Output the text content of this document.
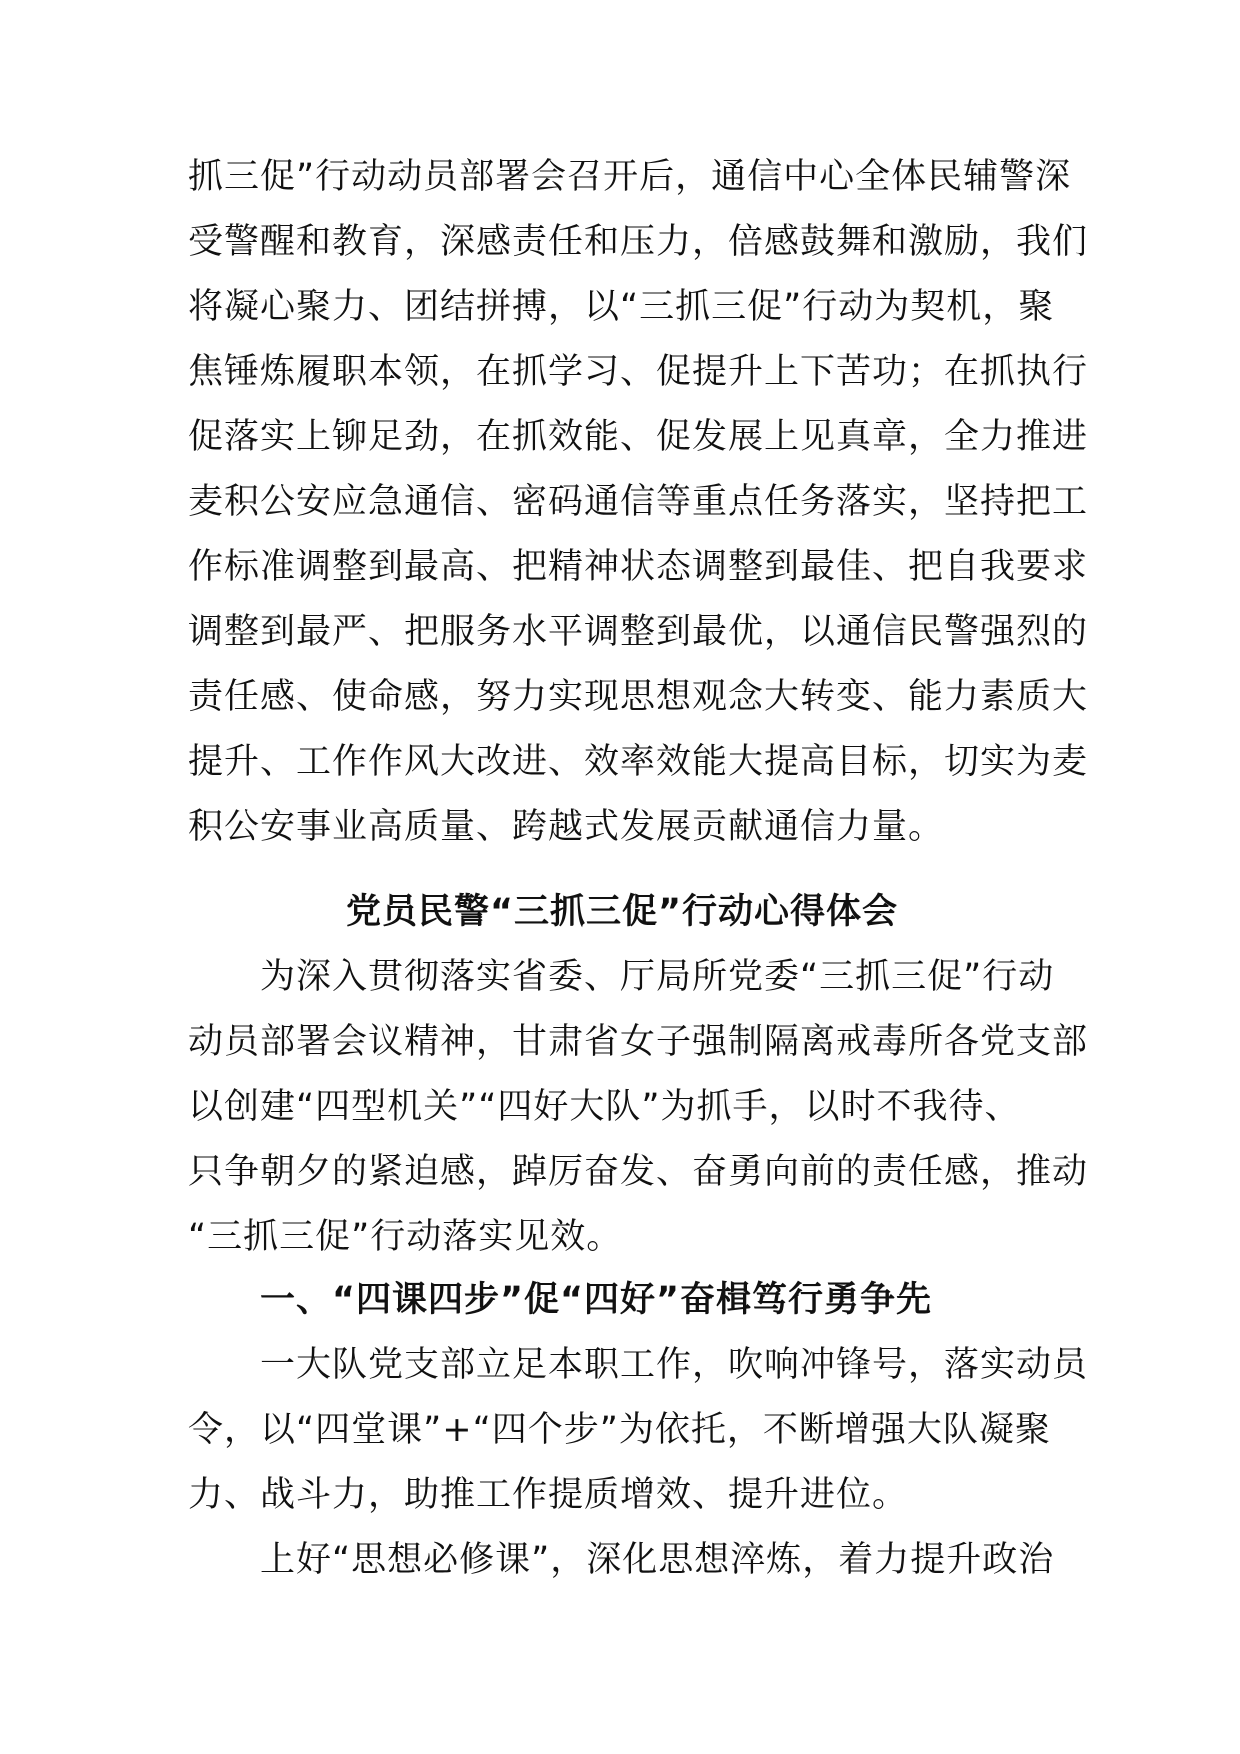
抓三促”行动动员部署会召开后，通信中心全体民辅警深
受警醒和教育，深感责任和压力，倍感鼓舞和激励，我们
将凝心聚力、团结拼搏，以“三抓三促”行动为契机，聚
焦锤炼履职本领，在抓学习、促提升上下苦功；在抓执行
促落实上铆足劲，在抓效能、促发展上见真章，全力推进
麦积公安应急通信、密码通信等重点任务落实，坚持把工
作标准调整到最高、把精神状态调整到最佳、把自我要求
调整到最严、把服务水平调整到最优，以通信民警强烈的
责任感、使命感，努力实现思想观念大转变、能力素质大
提升、工作作风大改进、效率效能大提高目标，切实为麦
积公安事业高质量、跨越式发展贡献通信力量。
党员民警“三抓三促”行动心得体会
　　为深入贯彻落实省委、厅局所党委“三抓三促”行动
动员部署会议精神，甘肃省女子强制隔离戒毒所各党支部
以创建“四型机关”“四好大队”为抓手，以时不我待、
只争朝夕的紧迫感，踔厉奋发、奋勇向前的责任感，推动
“三抓三促”行动落实见效。
　　一、“四课四步”促“四好”奋楫笃行勇争先
　　一大队党支部立足本职工作，吹响冲锋号，落实动员
令，以“四堂课”+“四个步”为依托，不断增强大队凝聚
力、战斗力，助推工作提质增效、提升进位。
　　上好“思想必修课”，深化思想淬炼，着力提升政治
